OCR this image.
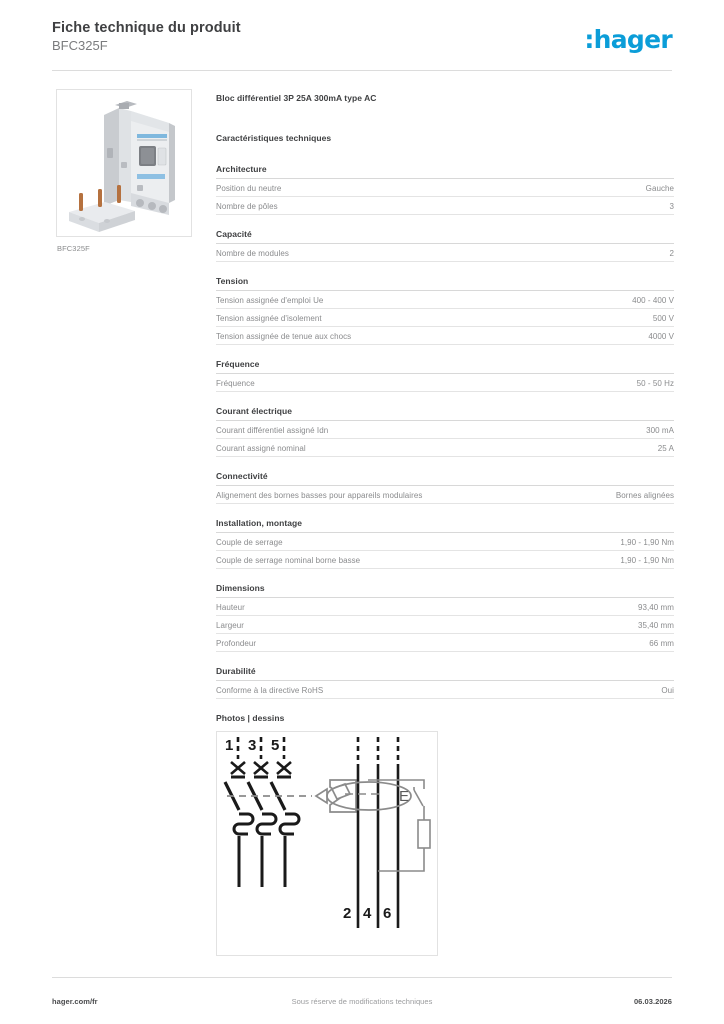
Fiche technique du produit
BFC325F	:hager
BFC325F
Bloc différentiel 3P 25A 300mA type AC
Caractéristiques techniques
Architecture
Position du neutre	Gauche
Nombre de pôles	3
Capacité
Nombre de modules	2
Tension
Tension assignée d'emploi Ue	400 - 400 V
Tension assignée d'isolement	500 V
Tension assignée de tenue aux chocs	4000 V
Fréquence
Fréquence	50 - 50 Hz
Courant électrique
Courant différentiel assigné Idn	300 mA
Courant assigné nominal	25 A
Connectivité
Alignement des bornes basses pour appareils modulaires	Bornes alignées
Installation, montage
Couple de serrage	1,90 - 1,90 Nm
Couple de serrage nominal borne basse	1,90 - 1,90 Nm
Dimensions
Hauteur	93,40 mm
Largeur	35,40 mm
Profondeur	66 mm
Durabilité
Conforme à la directive RoHS	Oui
Photos | dessins
1 3 5
E
2 4 6
Sous réserve de modifications techniques
hager.com/fr	06.03.2026
